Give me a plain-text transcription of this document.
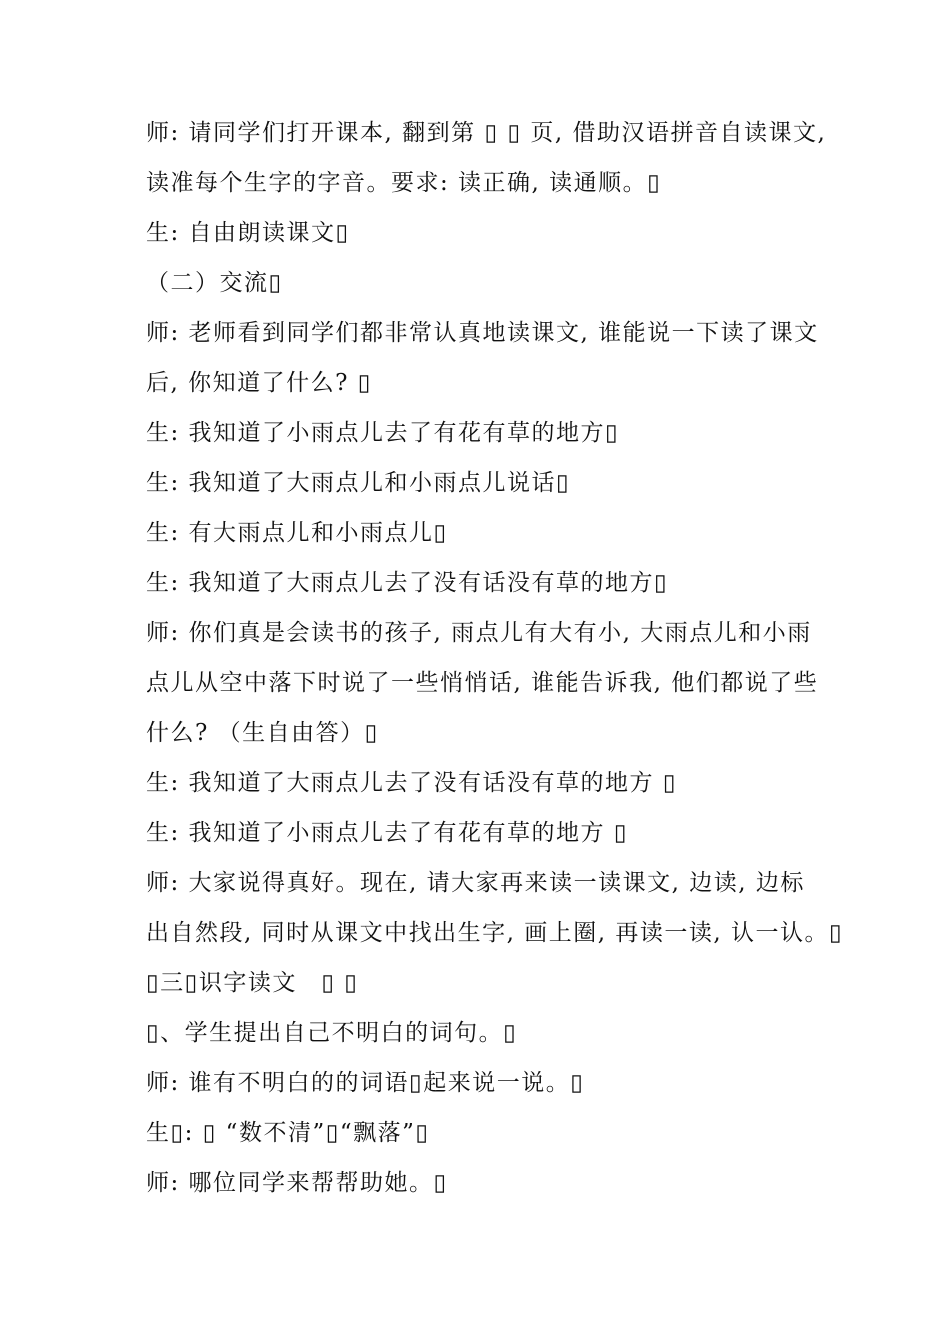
师: 请同学们打开课本, 翻到第 ▯ ▯ 页, 借助汉语拼音自读课文,
读准每个生字的字音。要求: 读正确, 读通顺。▯
生: 自由朗读课文▯
（二）交流▯
师: 老师看到同学们都非常认真地读课文, 谁能说一下读了课文
后, 你知道了什么? ▯
生: 我知道了小雨点儿去了有花有草的地方▯
生: 我知道了大雨点儿和小雨点儿说话▯
生: 有大雨点儿和小雨点儿▯
生: 我知道了大雨点儿去了没有话没有草的地方▯
师: 你们真是会读书的孩子, 雨点儿有大有小, 大雨点儿和小雨
点儿从空中落下时说了一些悄悄话, 谁能告诉我, 他们都说了些
什么? （生自由答）▯
生: 我知道了大雨点儿去了没有话没有草的地方 ▯
生: 我知道了小雨点儿去了有花有草的地方 ▯
师: 大家说得真好。现在, 请大家再来读一读课文, 边读, 边标
出自然段, 同时从课文中找出生字, 画上圈, 再读一读, 认一认。▯
▯三▯识字读文　▯ ▯
▯、学生提出自己不明白的词句。▯
师: 谁有不明白的的词语▯起来说一说。▯
生▯: ▯ “数不清”▯“飘落”▯
师: 哪位同学来帮帮助她。▯
